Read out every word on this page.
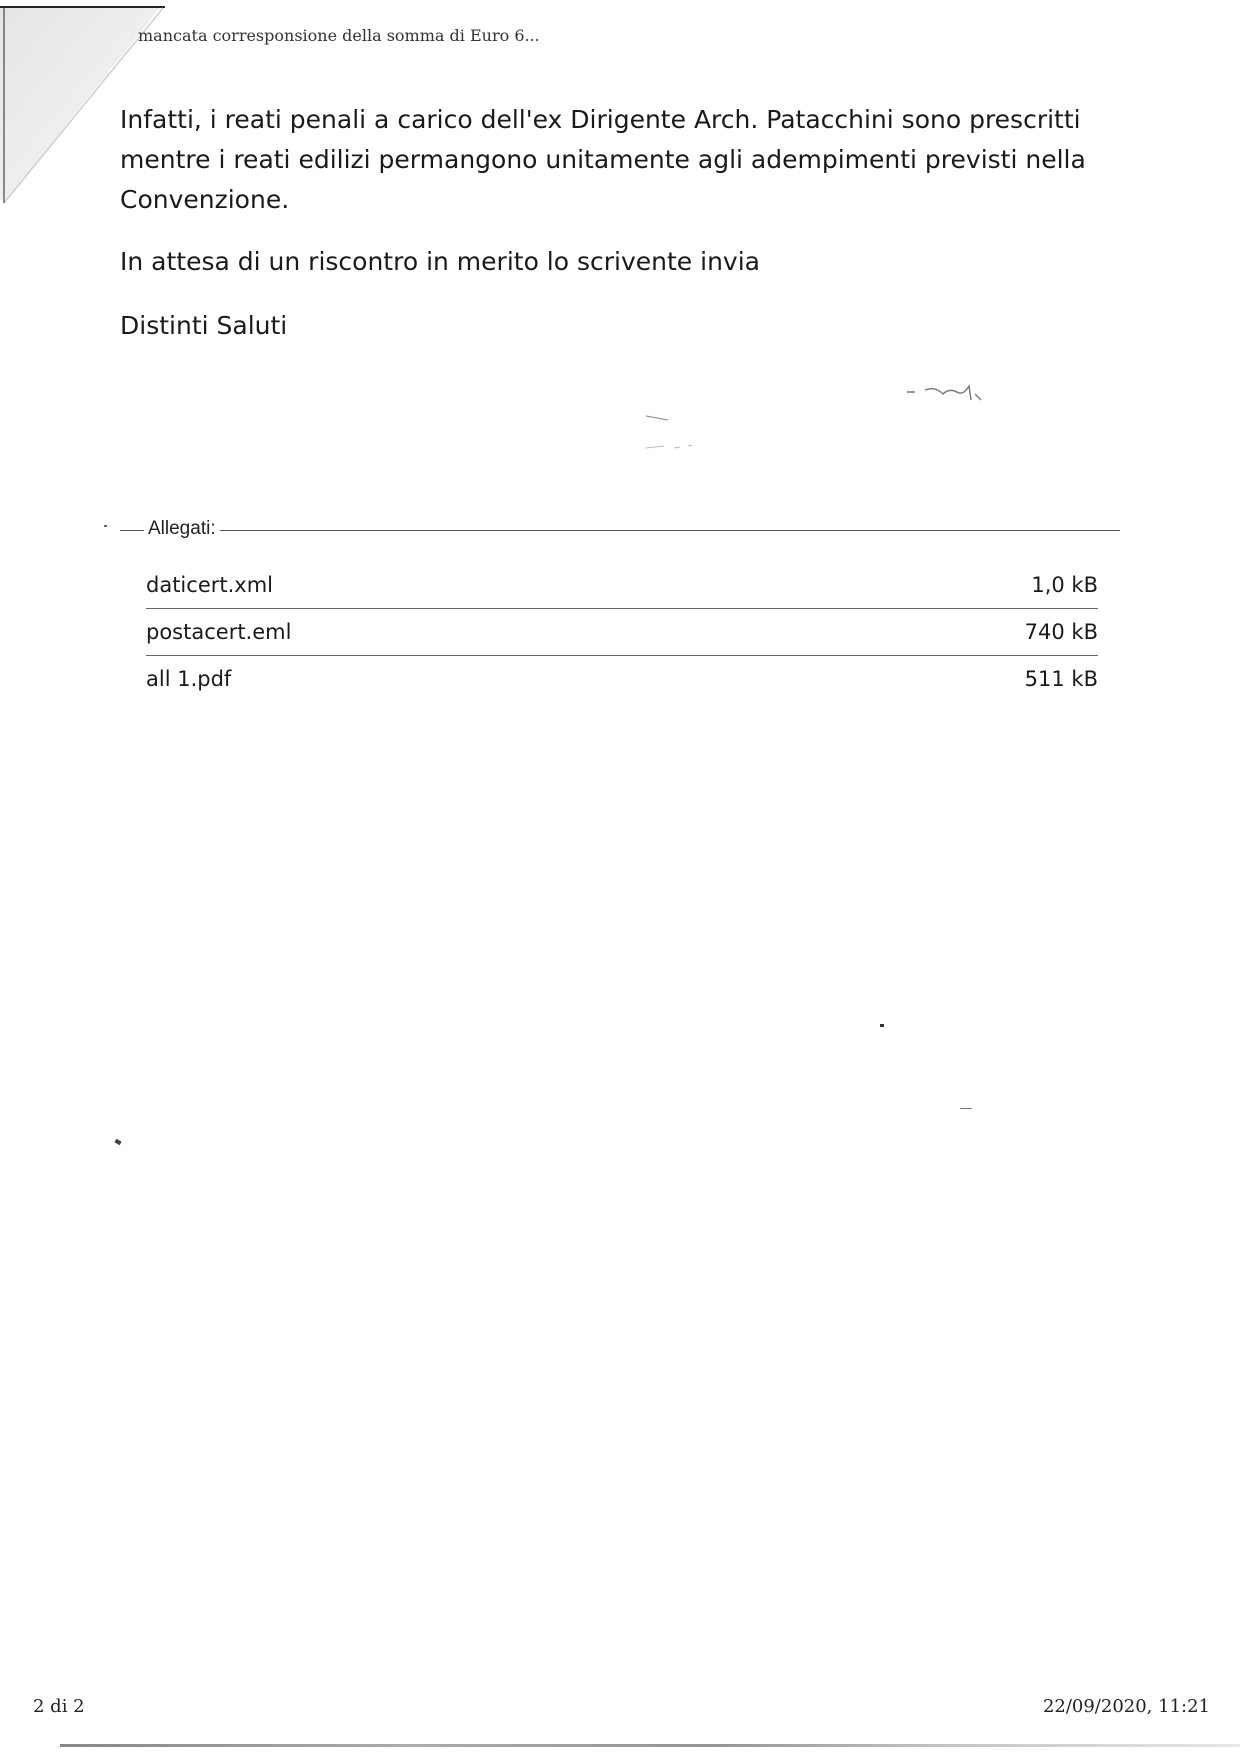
mancata corresponsione della somma di Euro 6...

Infatti, i reati penali a carico dell'ex Dirigente Arch. Patacchini sono prescritti mentre i reati edilizi permangono unitamente agli adempimenti previsti nella Convenzione.

In attesa di un riscontro in merito lo scrivente invia

Distinti Saluti

Allegati:
daticert.xml	1,0 kB
postacert.eml	740 kB
all 1.pdf	511 kB
2 di 2	22/09/2020, 11:21
